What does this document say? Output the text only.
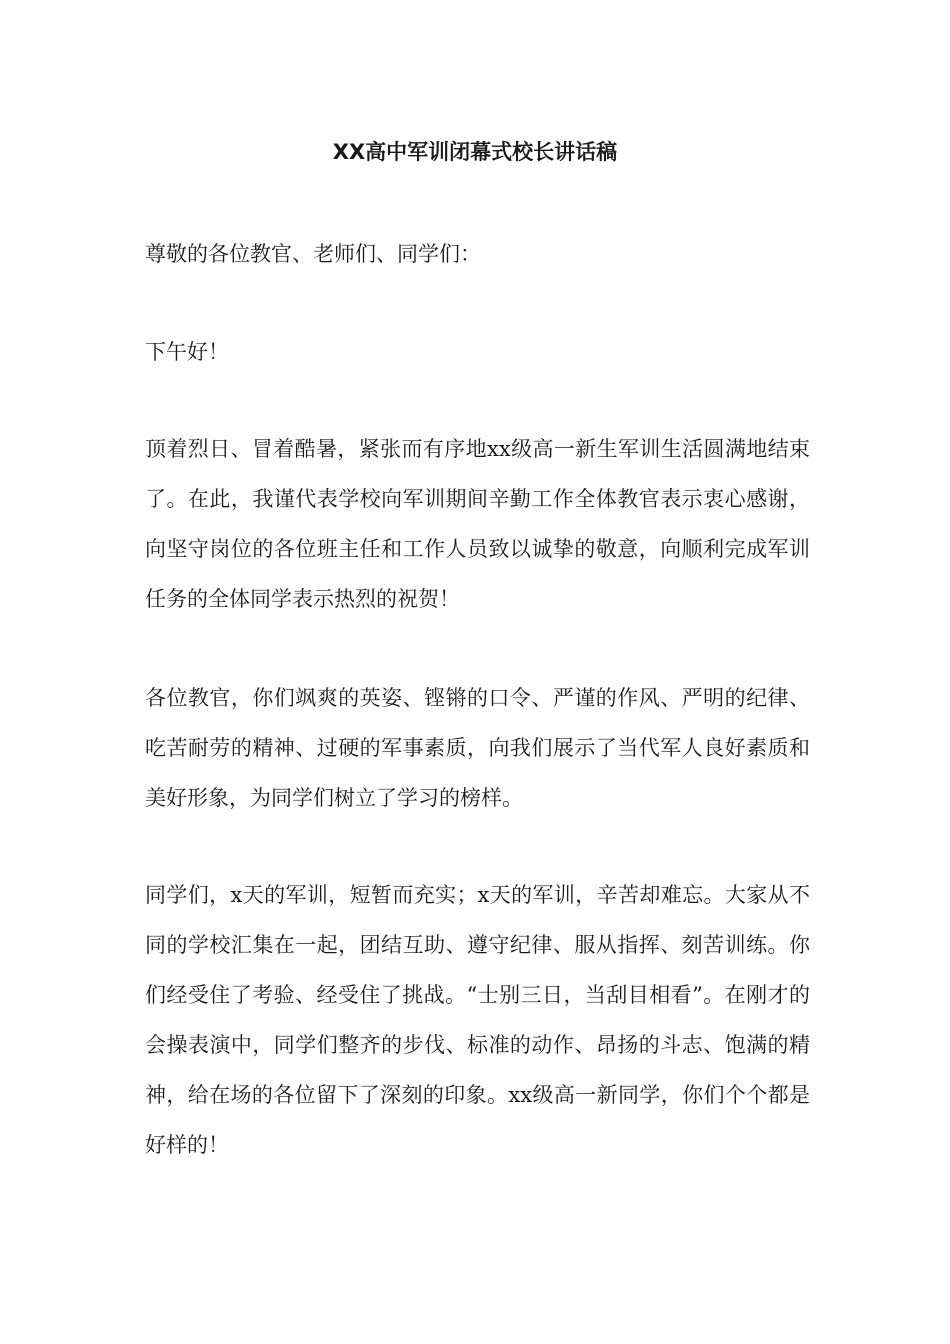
XX高中军训闭幕式校长讲话稿

尊敬的各位教官、老师们、同学们：

下午好！

顶着烈日、冒着酷暑，紧张而有序地xx级高一新生军训生活圆满地结束了。在此，我谨代表学校向军训期间辛勤工作全体教官表示衷心感谢，向坚守岗位的各位班主任和工作人员致以诚挚的敬意，向顺利完成军训任务的全体同学表示热烈的祝贺！

各位教官，你们飒爽的英姿、铿锵的口令、严谨的作风、严明的纪律、吃苦耐劳的精神、过硬的军事素质，向我们展示了当代军人良好素质和美好形象，为同学们树立了学习的榜样。

同学们，x天的军训，短暂而充实；x天的军训，辛苦却难忘。大家从不同的学校汇集在一起，团结互助、遵守纪律、服从指挥、刻苦训练。你们经受住了考验、经受住了挑战。“士别三日，当刮目相看”。在刚才的会操表演中，同学们整齐的步伐、标准的动作、昂扬的斗志、饱满的精神，给在场的各位留下了深刻的印象。xx级高一新同学，你们个个都是好样的！
